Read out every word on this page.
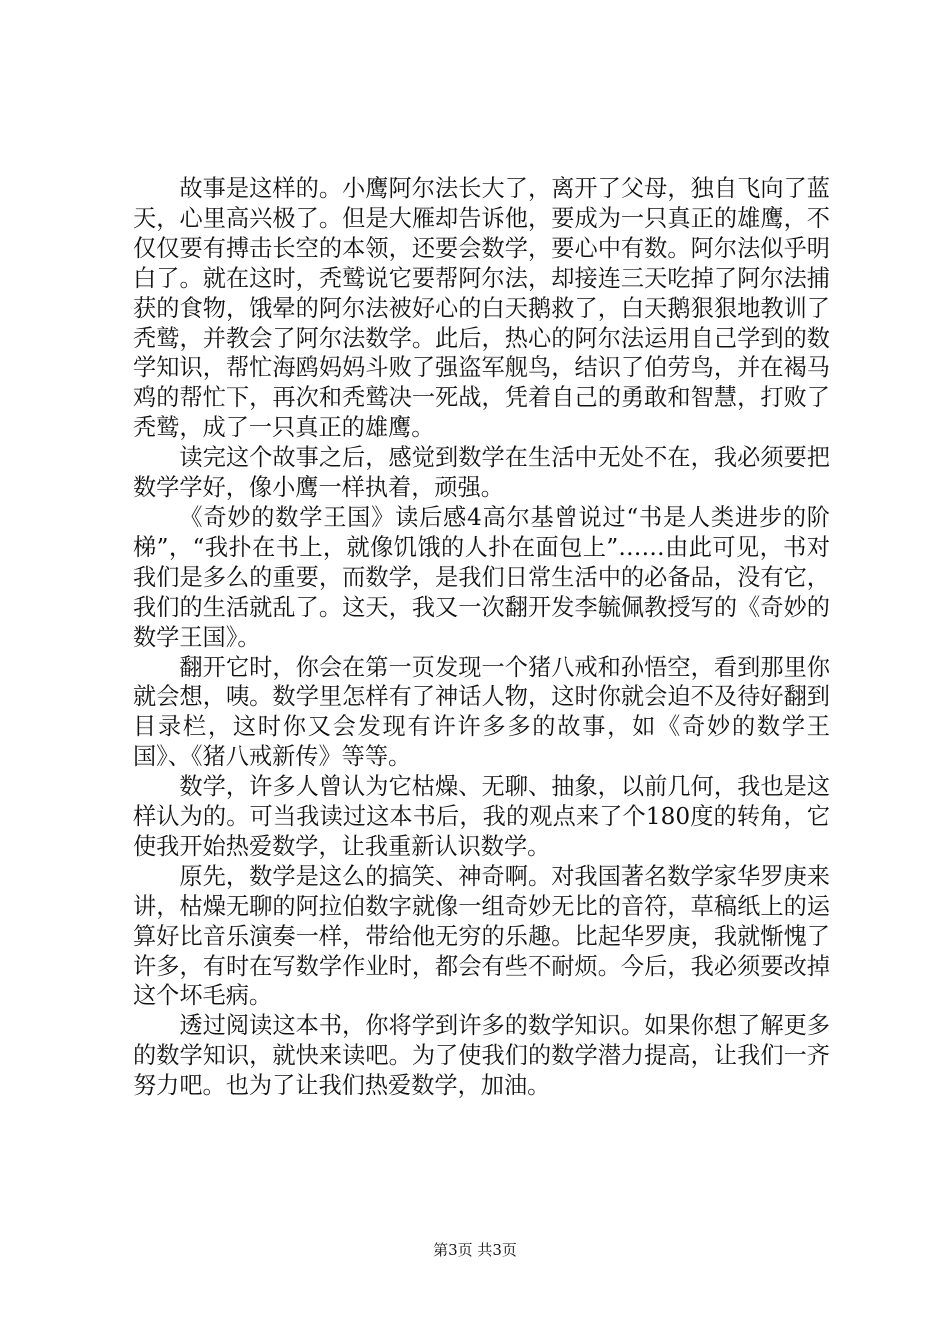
故事是这样的。小鹰阿尔法长大了，离开了父母，独自飞向了蓝天，心里高兴极了。但是大雁却告诉他，要成为一只真正的雄鹰，不仅仅要有搏击长空的本领，还要会数学，要心中有数。阿尔法似乎明白了。就在这时，秃鹫说它要帮阿尔法，却接连三天吃掉了阿尔法捕获的食物，饿晕的阿尔法被好心的白天鹅救了，白天鹅狠狠地教训了秃鹫，并教会了阿尔法数学。此后，热心的阿尔法运用自己学到的数学知识，帮忙海鸥妈妈斗败了强盗军舰鸟，结识了伯劳鸟，并在褐马鸡的帮忙下，再次和秃鹫决一死战，凭着自己的勇敢和智慧，打败了秃鹫，成了一只真正的雄鹰。

读完这个故事之后，感觉到数学在生活中无处不在，我必须要把数学学好，像小鹰一样执着，顽强。

《奇妙的数学王国》读后感4高尔基曾说过“书是人类进步的阶梯”，“我扑在书上，就像饥饿的人扑在面包上”……由此可见，书对我们是多么的重要，而数学，是我们日常生活中的必备品，没有它，我们的生活就乱了。这天，我又一次翻开发李毓佩教授写的《奇妙的数学王国》。

翻开它时，你会在第一页发现一个猪八戒和孙悟空，看到那里你就会想，咦。数学里怎样有了神话人物，这时你就会迫不及待好翻到目录栏，这时你又会发现有许许多多的故事，如《奇妙的数学王国》、《猪八戒新传》等等。

数学，许多人曾认为它枯燥、无聊、抽象，以前几何，我也是这样认为的。可当我读过这本书后，我的观点来了个180度的转角，它使我开始热爱数学，让我重新认识数学。

原先，数学是这么的搞笑、神奇啊。对我国著名数学家华罗庚来讲，枯燥无聊的阿拉伯数字就像一组奇妙无比的音符，草稿纸上的运算好比音乐演奏一样，带给他无穷的乐趣。比起华罗庚，我就惭愧了许多，有时在写数学作业时，都会有些不耐烦。今后，我必须要改掉这个坏毛病。

透过阅读这本书，你将学到许多的数学知识。如果你想了解更多的数学知识，就快来读吧。为了使我们的数学潜力提高，让我们一齐努力吧。也为了让我们热爱数学，加油。

第3页 共3页
